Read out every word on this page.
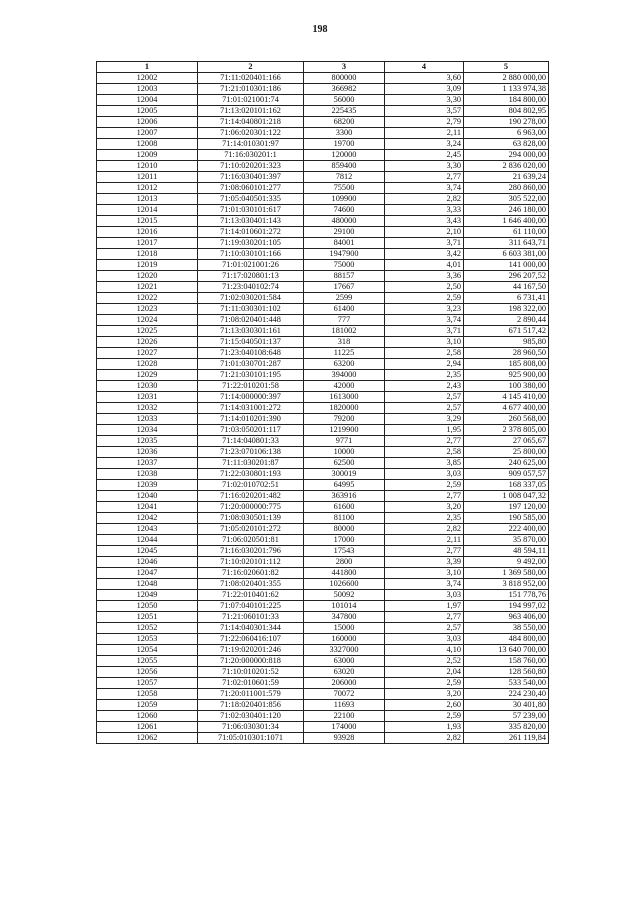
198
1	2	3	4	5
12002	71:11:020401:166	800000	3,60	2 880 000,00
12003	71:21:010301:186	366982	3,09	1 133 974,38
12004	71:01:021001:74	56000	3,30	184 800,00
12005	71:13:020101:162	225435	3,57	804 802,95
12006	71:14:040801:218	68200	2,79	190 278,00
12007	71:06:020301:122	3300	2,11	6 963,00
12008	71:14:010301:97	19700	3,24	63 828,00
12009	71:16:030201:1	120000	2,45	294 000,00
12010	71:10:020201:323	859400	3,30	2 836 020,00
12011	71:16:030401:397	7812	2,77	21 639,24
12012	71:08:060101:277	75500	3,74	280 860,00
12013	71:05:040501:335	109900	2,82	305 522,00
12014	71:01:030101:617	74600	3,33	246 180,00
12015	71:13:030401:143	480000	3,43	1 646 400,00
12016	71:14:010601:272	29100	2,10	61 110,00
12017	71:19:030201:105	84001	3,71	311 643,71
12018	71:10:030101:166	1947900	3,42	6 603 381,00
12019	71:01:021001:26	75000	4,01	141 000,00
12020	71:17:020801:13	88157	3,36	296 207,52
12021	71:23:040102:74	17667	2,50	44 167,50
12022	71:02:030201:584	2599	2,59	6 731,41
12023	71:11:030301:102	61400	3,23	198 322,00
12024	71:08:020401:448	777	3,74	2 890,44
12025	71:13:030301:161	181002	3,71	671 517,42
12026	71:15:040501:137	318	3,10	985,80
12027	71:23:040108:648	11225	2,58	28 960,50
12028	71:01:030701:287	63200	2,94	185 808,00
12029	71:21:030101:195	394000	2,35	925 900,00
12030	71:22:010201:58	42000	2,43	100 380,00
12031	71:14:000000:397	1613000	2,57	4 145 410,00
12032	71:14:031001:272	1820000	2,57	4 677 400,00
12033	71:14:010201:390	79200	3,29	260 568,00
12034	71:03:050201:117	1219900	1,95	2 378 805,00
12035	71:14:040801:33	9771	2,77	27 065,67
12036	71:23:070106:138	10000	2,58	25 800,00
12037	71:11:030201:87	62500	3,85	240 625,00
12038	71:22:030801:193	300019	3,03	909 057,57
12039	71:02:010702:51	64995	2,59	168 337,05
12040	71:16:020201:482	363916	2,77	1 008 047,32
12041	71:20:000000:775	61600	3,20	197 120,00
12042	71:08:030501:139	81100	2,35	190 585,00
12043	71:05:020101:272	80000	2,82	222 400,00
12044	71:06:020501:81	17000	2,11	35 870,00
12045	71:16:030201:796	17543	2,77	48 594,11
12046	71:10:020101:112	2800	3,39	9 492,00
12047	71:16:020601:82	441800	3,10	1 369 580,00
12048	71:08:020401:355	1026600	3,74	3 818 952,00
12049	71:22:010401:62	50092	3,03	151 778,76
12050	71:07:040101:225	101014	1,97	194 997,02
12051	71:21:060101:33	347800	2,77	963 406,00
12052	71:14:040301:344	15000	2,57	38 550,00
12053	71:22:060416:107	160000	3,03	484 800,00
12054	71:19:020201:246	3327000	4,10	13 640 700,00
12055	71:20:000000:818	63000	2,52	158 760,00
12056	71:10:010201:52	63020	2,04	128 560,80
12057	71:02:010601:59	206000	2,59	533 540,00
12058	71:20:011001:579	70072	3,20	224 230,40
12059	71:18:020401:856	11693	2,60	30 401,80
12060	71:02:030401:120	22100	2,59	57 239,00
12061	71:06:030301:34	174000	1,93	335 820,00
12062	71:05:010301:1071	93928	2,82	261 119,84
